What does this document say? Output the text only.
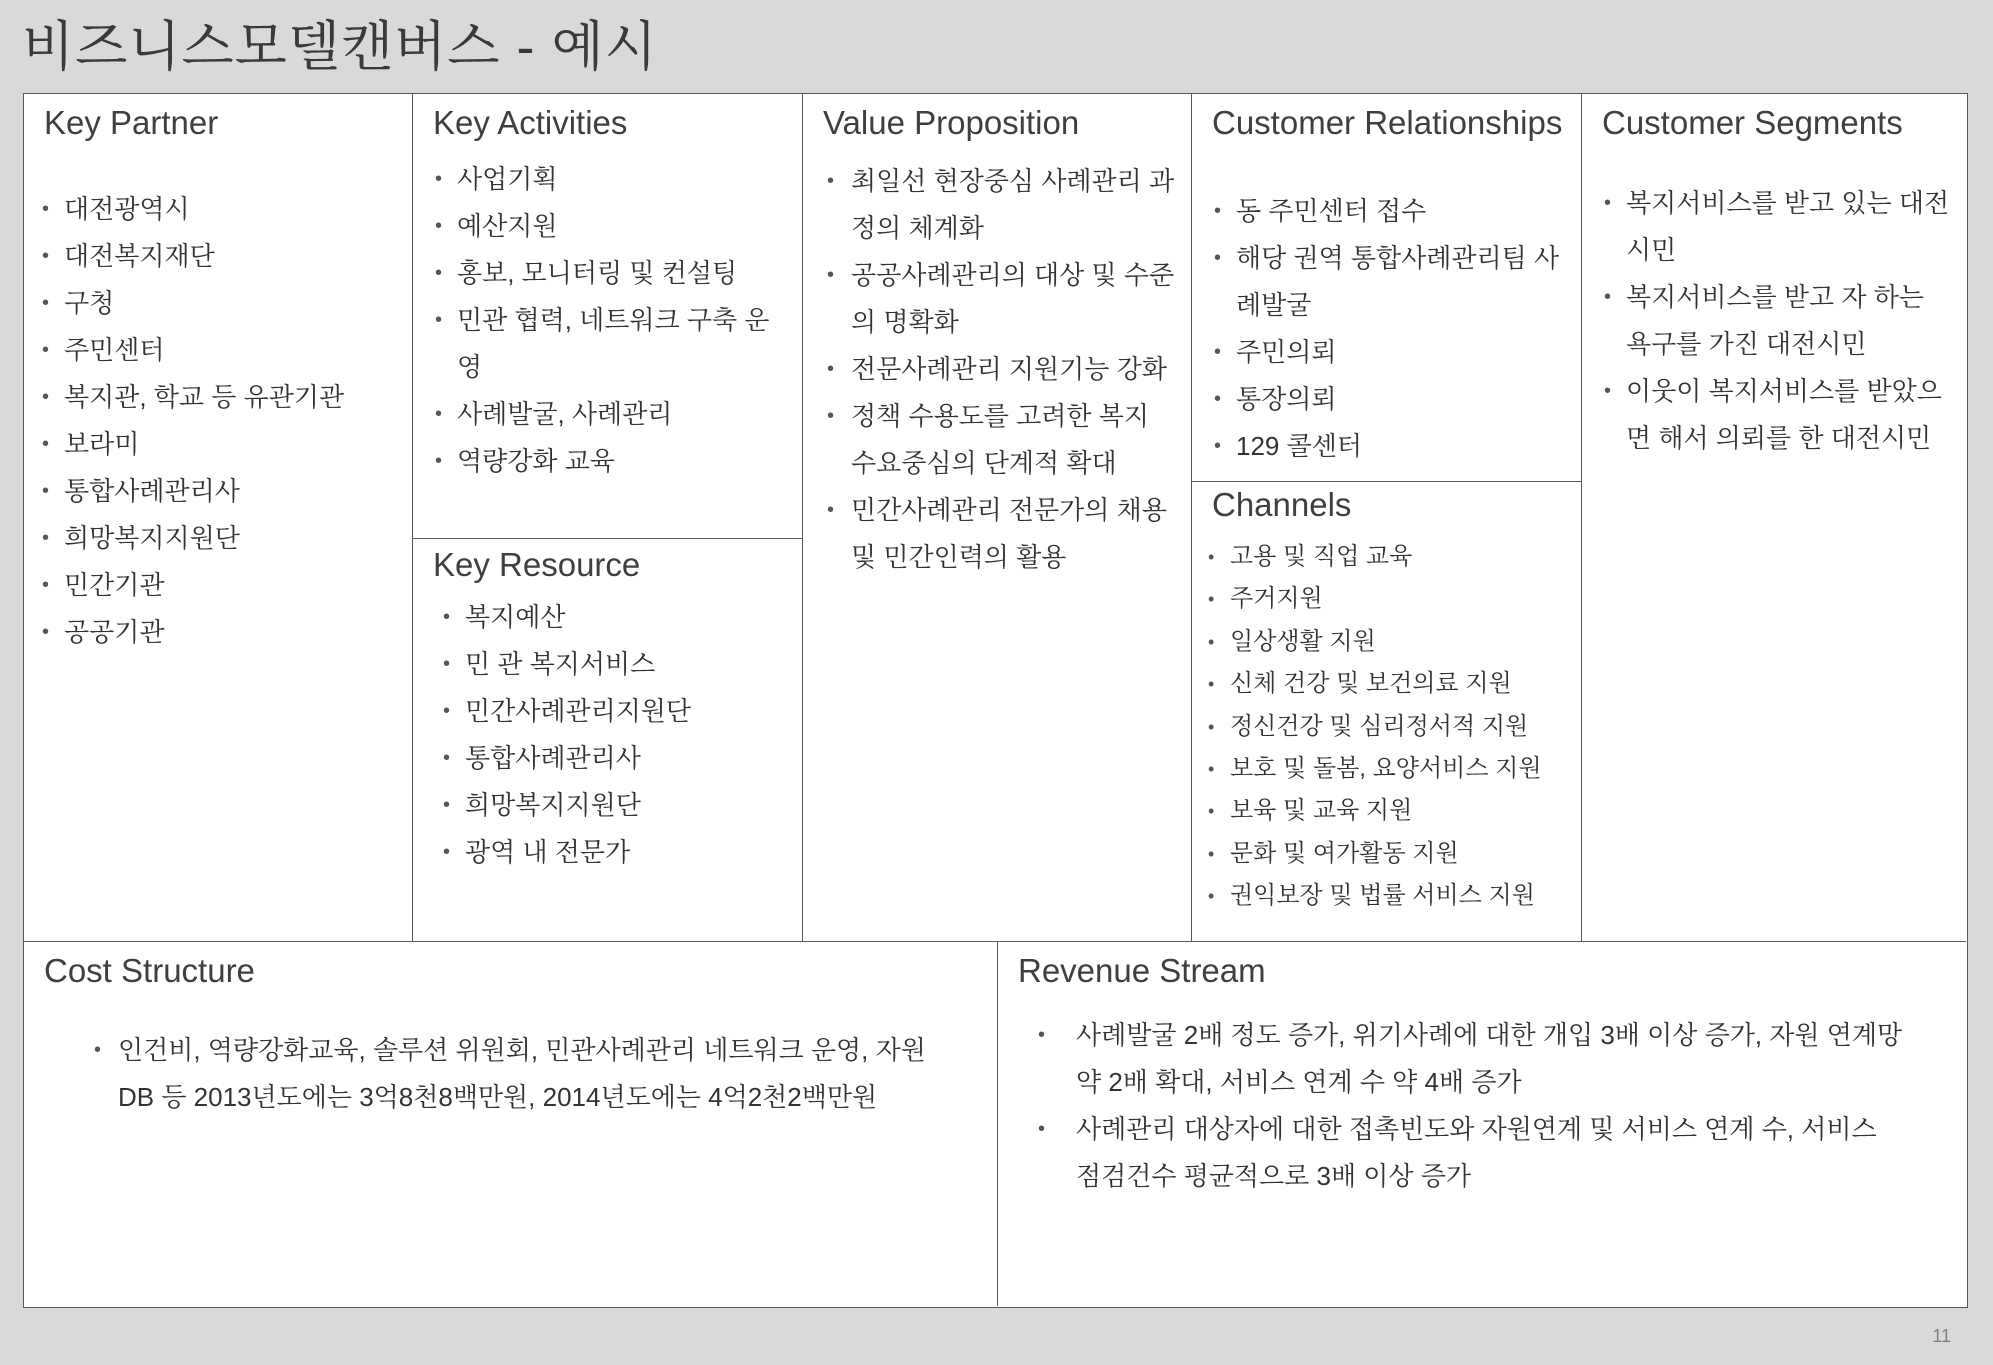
비즈니스모델캔버스 - 예시
Key Partner
• 대전광역시
• 대전복지재단
• 구청
• 주민센터
• 복지관, 학교 등 유관기관
• 보라미
• 통합사례관리사
• 희망복지지원단
• 민간기관
• 공공기관
Key Activities
• 사업기획
• 예산지원
• 홍보, 모니터링 및 컨설팅
• 민관 협력, 네트워크 구축 운영
• 사례발굴, 사례관리
• 역량강화 교육
Key Resource
• 복지예산
• 민 관 복지서비스
• 민간사례관리지원단
• 통합사례관리사
• 희망복지지원단
• 광역 내 전문가
Value Proposition
• 최일선 현장중심 사례관리 과정의 체계화
• 공공사례관리의 대상 및 수준의 명확화
• 전문사례관리 지원기능 강화
• 정책 수용도를 고려한 복지 수요중심의 단계적 확대
• 민간사례관리 전문가의 채용 및 민간인력의 활용
Customer Relationships
• 동 주민센터 접수
• 해당 권역 통합사례관리팀 사례발굴
• 주민의뢰
• 통장의뢰
• 129 콜센터
Channels
• 고용 및 직업 교육
• 주거지원
• 일상생활 지원
• 신체 건강 및 보건의료 지원
• 정신건강 및 심리정서적 지원
• 보호 및 돌봄, 요양서비스 지원
• 보육 및 교육 지원
• 문화 및 여가활동 지원
• 권익보장 및 법률 서비스 지원
Customer Segments
• 복지서비스를 받고 있는 대전시민
• 복지서비스를 받고 자 하는 욕구를 가진 대전시민
• 이웃이 복지서비스를 받았으면 해서 의뢰를 한 대전시민
Cost Structure
• 인건비, 역량강화교육, 솔루션 위원회, 민관사례관리 네트워크 운영, 자원DB 등 2013년도에는 3억8천8백만원, 2014년도에는 4억2천2백만원
Revenue Stream
• 사례발굴 2배 정도 증가, 위기사례에 대한 개입 3배 이상 증가, 자원 연계망 약 2배 확대, 서비스 연계 수 약 4배 증가
• 사례관리 대상자에 대한 접촉빈도와 자원연계 및 서비스 연계 수, 서비스 점검건수 평균적으로 3배 이상 증가
11
